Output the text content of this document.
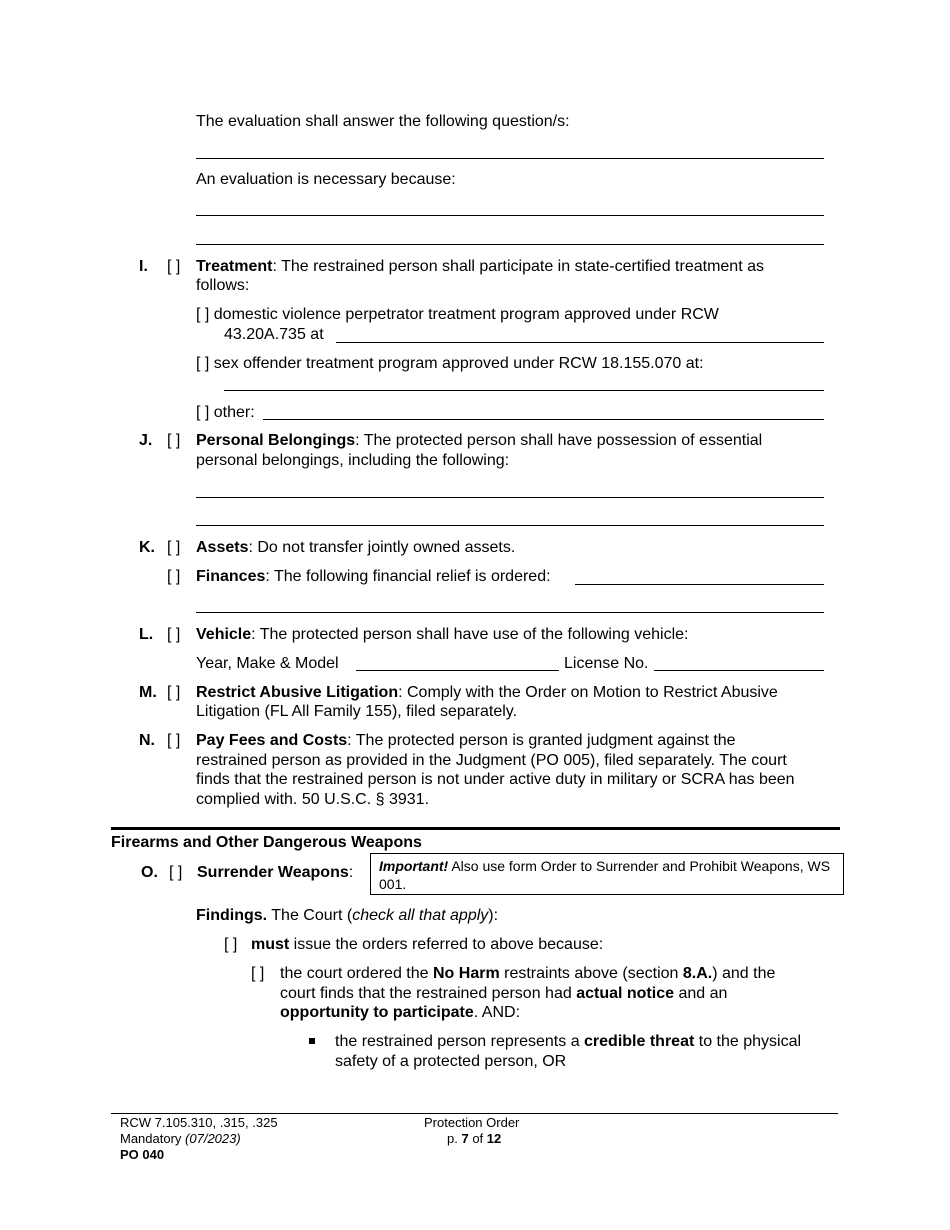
The evaluation shall answer the following question/s:
An evaluation is necessary because:
I. [ ] Treatment: The restrained person shall participate in state-certified treatment as
follows:
[ ] domestic violence perpetrator treatment program approved under RCW
43.20A.735 at
[ ] sex offender treatment program approved under RCW 18.155.070 at:
[ ] other:
J. [ ] Personal Belongings: The protected person shall have possession of essential
personal belongings, including the following:
K. [ ] Assets: Do not transfer jointly owned assets.
[ ] Finances: The following financial relief is ordered:
L. [ ] Vehicle: The protected person shall have use of the following vehicle:
Year, Make & Model	License No.
M. [ ] Restrict Abusive Litigation: Comply with the Order on Motion to Restrict Abusive
Litigation (FL All Family 155), filed separately.
N. [ ] Pay Fees and Costs: The protected person is granted judgment against the
restrained person as provided in the Judgment (PO 005), filed separately. The court
finds that the restrained person is not under active duty in military or SCRA has been
complied with. 50 U.S.C. § 3931.
Firearms and Other Dangerous Weapons
O. [ ] Surrender Weapons:	Important! Also use form Order to Surrender and Prohibit Weapons, WS 001.
Findings. The Court (check all that apply):
[ ] must issue the orders referred to above because:
[ ] the court ordered the No Harm restraints above (section 8.A.) and the
court finds that the restrained person had actual notice and an
opportunity to participate. AND:
the restrained person represents a credible threat to the physical
safety of a protected person, OR
RCW 7.105.310, .315, .325
Mandatory (07/2023)
PO 040
Protection Order
p. 7 of 12
